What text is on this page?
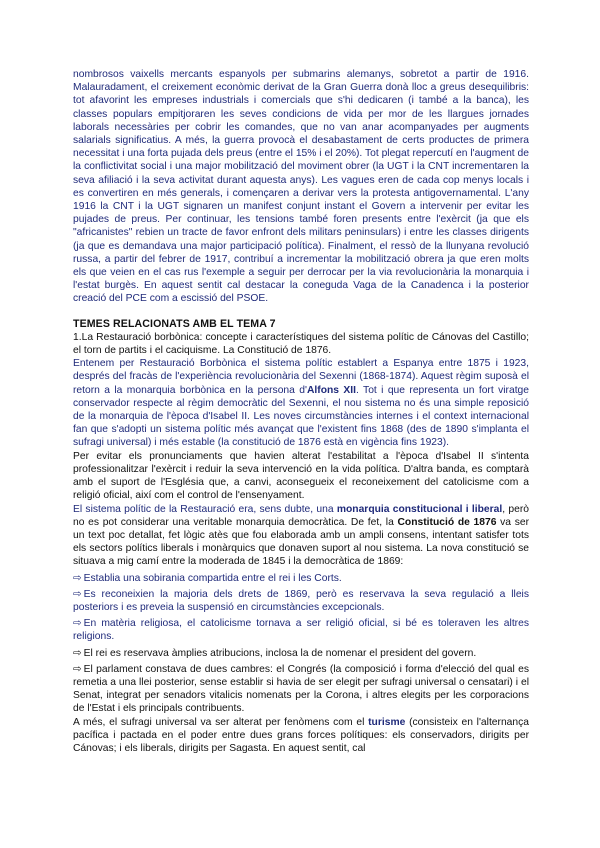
nombrosos vaixells mercants espanyols per submarins alemanys, sobretot a partir de 1916. Malauradament, el creixement econòmic derivat de la Gran Guerra donà lloc a greus desequilibris: tot afavorint les empreses industrials i comercials que s'hi dedicaren (i també a la banca), les classes populars empitjoraren les seves condicions de vida per mor de les llargues jornades laborals necessàries per cobrir les comandes, que no van anar acompanyades per augments salarials significatius. A més, la guerra provocà el desabastament de certs productes de primera necessitat i una forta pujada dels preus (entre el 15% i el 20%). Tot plegat repercutí en l'augment de la conflictivitat social i una major mobilització del moviment obrer (la UGT i la CNT incrementaren la seva afiliació i la seva activitat durant aquesta anys). Les vagues eren de cada cop menys locals i es convertiren en més generals, i començaren a derivar vers la protesta antigovernamental. L'any 1916 la CNT i la UGT signaren un manifest conjunt instant el Govern a intervenir per evitar les pujades de preus. Per continuar, les tensions també foren presents entre l'exèrcit (ja que els "africanistes" rebien un tracte de favor enfront dels militars peninsulars) i entre les classes dirigents (ja que es demandava una major participació política). Finalment, el ressò de la llunyana revolució russa, a partir del febrer de 1917, contribuí a incrementar la mobilització obrera ja que eren molts els que veien en el cas rus l'exemple a seguir per derrocar per la via revolucionària la monarquia i l'estat burgès. En aquest sentit cal destacar la coneguda Vaga de la Canadenca i la posterior creació del PCE com a escissió del PSOE.
TEMES RELACIONATS AMB EL TEMA 7
1.La Restauració borbònica: concepte i característiques del sistema polític de Cánovas del Castillo; el torn de partits i el caciquisme. La Constitució de 1876.
Entenem per Restauració Borbònica el sistema polític establert a Espanya entre 1875 i 1923, després del fracàs de l'experiència revolucionària del Sexenni (1868-1874). Aquest règim suposà el retorn a la monarquia borbònica en la persona d'Alfons XII. Tot i que representa un fort viratge conservador respecte al règim democràtic del Sexenni, el nou sistema no és una simple reposició de la monarquia de l'època d'Isabel II. Les noves circumstàncies internes i el context internacional fan que s'adopti un sistema polític més avançat que l'existent fins 1868 (des de 1890 s'implanta el sufragi universal) i més estable (la constitució de 1876 està en vigència fins 1923).
Per evitar els pronunciaments que havien alterat l'estabilitat a l'època d'Isabel II s'intenta professionalitzar l'exèrcit i reduir la seva intervenció en la vida política. D'altra banda, es comptarà amb el suport de l'Església que, a canvi, aconsegueix el reconeixement del catolicisme com a religió oficial, així com el control de l'ensenyament.
El sistema polític de la Restauració era, sens dubte, una monarquia constitucional i liberal, però no es pot considerar una veritable monarquia democràtica. De fet, la Constitució de 1876 va ser un text poc detallat, fet lògic atès que fou elaborada amb un ampli consens, intentant satisfer tots els sectors polítics liberals i monàrquics que donaven suport al nou sistema. La nova constitució se situava a mig camí entre la moderada de 1845 i la democràtica de 1869:
⇨ Establia una sobirania compartida entre el rei i les Corts.
⇨ Es reconeixien la majoria dels drets de 1869, però es reservava la seva regulació a lleis posteriors i es preveia la suspensió en circumstàncies excepcionals.
⇨ En matèria religiosa, el catolicisme tornava a ser religió oficial, si bé es toleraven les altres religions.
⇨ El rei es reservava àmplies atribucions, inclosa la de nomenar el president del govern.
⇨ El parlament constava de dues cambres: el Congrés (la composició i forma d'elecció del qual es remetia a una llei posterior, sense establir si havia de ser elegit per sufragi universal o censatari) i el Senat, integrat per senadors vitalicis nomenats per la Corona, i altres elegits per les corporacions de l'Estat i els principals contribuents.
A més, el sufragi universal va ser alterat per fenòmens com el turisme (consisteix en l'alternança pacífica i pactada en el poder entre dues grans forces polítiques: els conservadors, dirigits per Cánovas; i els liberals, dirigits per Sagasta. En aquest sentit, cal
